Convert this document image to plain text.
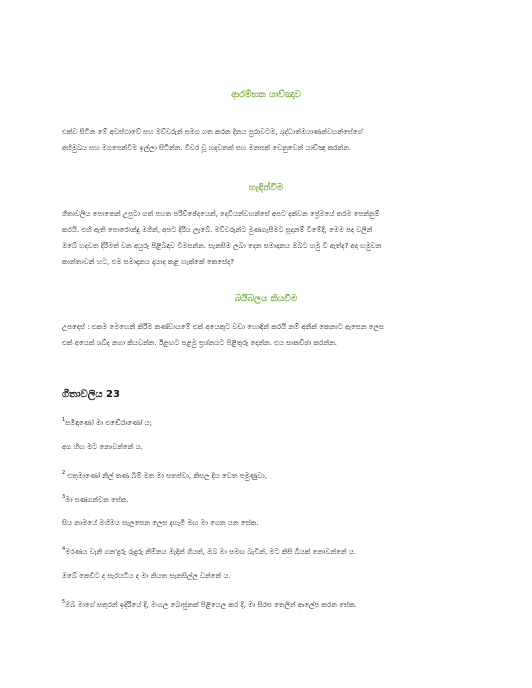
ආරම්භක යාච්ඤාව

එක්ව සිටින මේ අවස්ථාවේ සහ මව්වරුන් සමග ගත කරන දිනය පුරාවටම, ශුද්ධාත්මයාණන්වහන්සේගේ
අභිමුඛය සහ මගපෙන්වීම ඉල්ලා සිටින්න. විවර වූ හදවතක් සහ මනසක් වෙනුවෙන් යාච්ඤා කරන්න.

හැඳින්වීම

ගීතාවලිය පොතෙන් උපුටා ගත් පහත පරිච්ඡේදයෙන්, දෙවියන්වහන්සේ අපට දක්වන ප්‍රේමයේ තරම පෙන්නුම්
කරයි. එහි ඇති පොරොන්දු මගින්, අපට දිරිය ලැබේ. මව්වරුන්ට මුණගැසීමට සූදානම් වීමේදී, මෙම පද වලින්
ඔබේ හදවත දිරිමත් වන අයුරු පිළිබඳව විමසන්න. සැනසීම ලබා දෙන සමාදානය ඔබට හමු වී ඇත්ද? අද හමුවන
කාන්තාවන් හට, එම සමාදානය දායාද කළ හැක්කේ කෙසේද?

බයිබලය කියවීම

උපදෙස් : එකම මෙහෙනි කිරීම කණ්ඩායමේ එක් අයෙකුට වඩා හොඳින් කරයි නම් අනික් කෙනාට ඇසෙන ලෙස
එක් අයෙක් ශබ්ද නගා කියවන්න. ඊළඟට පළමු ප්‍රශ්නයට පිළිතුරු දෙන්න. එය සාකච්ඡා කරන්න.

ගීතාවලිය 23

$^1$සමිඳාණෝ මා එඬේරාණෝ ය;

අග හිඟ මට නොවන්නේ ය.

$^2$ එතුමාණෝ නිල් තණ බිම් මත මා සතප්වා, නිසල දිය වෙත පමුණුවා,

$^3$මා පණගන්වන සේක.

සිය නාමයේ මහිමය සැලසෙන ලෙස දැහැමි මඟ මා ගෙන යන සේක.

$^4$මරණය වැනි ගන'දුරු රුදුරු නිම්නය මැදින් ගියත්, ඔබ මා සමඟ බැවින්, මට කිසි බියක් නොවන්නේ ය.

ඔබේ කෙවිට ද සැරයටිය ද මා නියත සැනසිල්ල වන්නේ ය.

$^5$ඔබ මාගේ සතුරන් ඉදිරියේ දී, මංගල බොජුනක් පිළියෙල කර දී, මා සිරස තෙලින් ආලේප කරන සේක.
